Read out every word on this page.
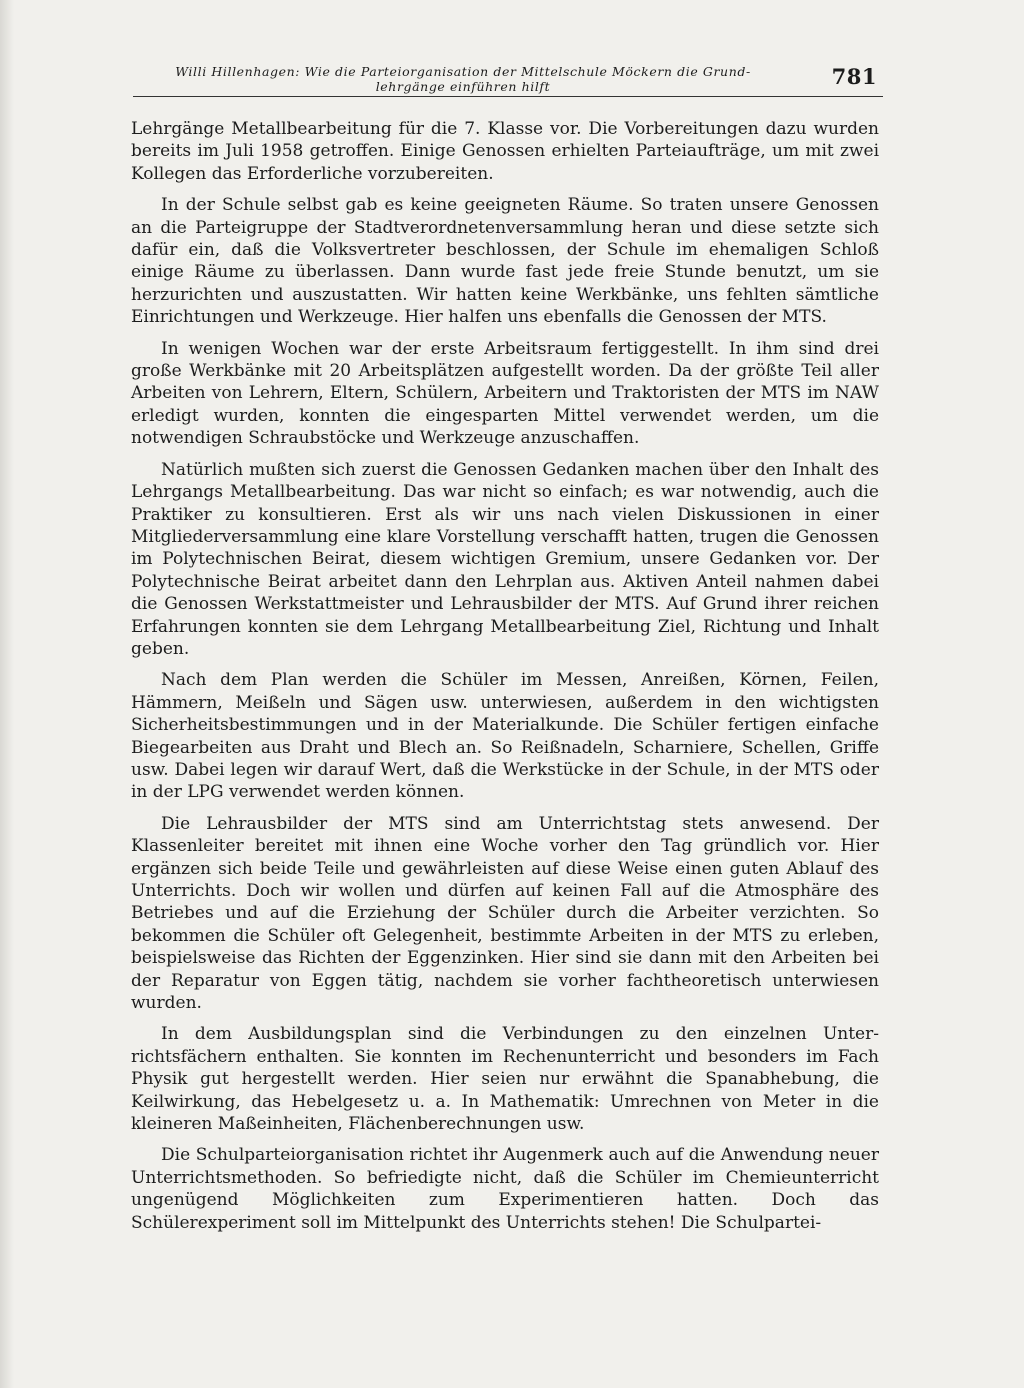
Willi Hillenhagen: Wie die Parteiorganisation der Mittelschule Möckern die Grund-
lehrgänge einführen hilft	781

Lehrgänge Metallbearbeitung für die 7. Klasse vor. Die Vorbereitungen dazu wurden bereits im Juli 1958 getroffen. Einige Genossen erhielten Parteiaufträge, um mit zwei Kollegen das Erforderliche vorzubereiten.

In der Schule selbst gab es keine geeigneten Räume. So traten unsere Genossen an die Parteigruppe der Stadtverordnetenversammlung heran und diese setzte sich dafür ein, daß die Volksvertreter beschlossen, der Schule im ehemaligen Schloß einige Räume zu überlassen. Dann wurde fast jede freie Stunde benutzt, um sie herzurichten und auszustatten. Wir hatten keine Werkbänke, uns fehlten sämtliche Einrichtungen und Werkzeuge. Hier halfen uns ebenfalls die Genossen der MTS.

In wenigen Wochen war der erste Arbeitsraum fertiggestellt. In ihm sind drei große Werkbänke mit 20 Arbeitsplätzen aufgestellt worden. Da der größte Teil aller Arbeiten von Lehrern, Eltern, Schülern, Arbeitern und Traktoristen der MTS im NAW erledigt wurden, konnten die eingesparten Mittel verwendet werden, um die notwendigen Schraubstöcke und Werkzeuge anzuschaffen.

Natürlich mußten sich zuerst die Genossen Gedanken machen über den Inhalt des Lehrgangs Metallbearbeitung. Das war nicht so einfach; es war notwendig, auch die Praktiker zu konsultieren. Erst als wir uns nach vielen Diskussionen in einer Mitgliederversammlung eine klare Vorstellung verschafft hatten, trugen die Genossen im Polytechnischen Beirat, diesem wichtigen Gremium, unsere Gedanken vor. Der Polytechnische Beirat arbeitet dann den Lehrplan aus. Aktiven Anteil nahmen dabei die Genossen Werkstattmeister und Lehrausbilder der MTS. Auf Grund ihrer reichen Erfahrungen konnten sie dem Lehrgang Metallbearbeitung Ziel, Richtung und Inhalt geben.

Nach dem Plan werden die Schüler im Messen, Anreißen, Körnen, Feilen, Hämmern, Meißeln und Sägen usw. unterwiesen, außerdem in den wichtigsten Sicherheitsbestimmungen und in der Materialkunde. Die Schüler fertigen einfache Biegearbeiten aus Draht und Blech an. So Reißnadeln, Scharniere, Schellen, Griffe usw. Dabei legen wir darauf Wert, daß die Werkstücke in der Schule, in der MTS oder in der LPG verwendet werden können.

Die Lehrausbilder der MTS sind am Unterrichtstag stets anwesend. Der Klassenleiter bereitet mit ihnen eine Woche vorher den Tag gründlich vor. Hier ergänzen sich beide Teile und gewährleisten auf diese Weise einen guten Ablauf des Unterrichts. Doch wir wollen und dürfen auf keinen Fall auf die Atmosphäre des Betriebes und auf die Erziehung der Schüler durch die Arbeiter verzichten. So bekommen die Schüler oft Gelegenheit, bestimmte Arbeiten in der MTS zu erleben, beispielsweise das Richten der Eggenzinken. Hier sind sie dann mit den Arbeiten bei der Reparatur von Eggen tätig, nachdem sie vorher fachtheoretisch unterwiesen wurden.

In dem Ausbildungsplan sind die Verbindungen zu den einzelnen Unterrichtsfächern enthalten. Sie konnten im Rechenunterricht und besonders im Fach Physik gut hergestellt werden. Hier seien nur erwähnt die Spanabhebung, die Keilwirkung, das Hebelgesetz u. a. In Mathematik: Umrechnen von Meter in die kleineren Maßeinheiten, Flächenberechnungen usw.

Die Schulparteiorganisation richtet ihr Augenmerk auch auf die Anwendung neuer Unterrichtsmethoden. So befriedigte nicht, daß die Schüler im Chemieunterricht ungenügend Möglichkeiten zum Experimentieren hatten. Doch das Schülerexperiment soll im Mittelpunkt des Unterrichts stehen! Die Schulpartei-
